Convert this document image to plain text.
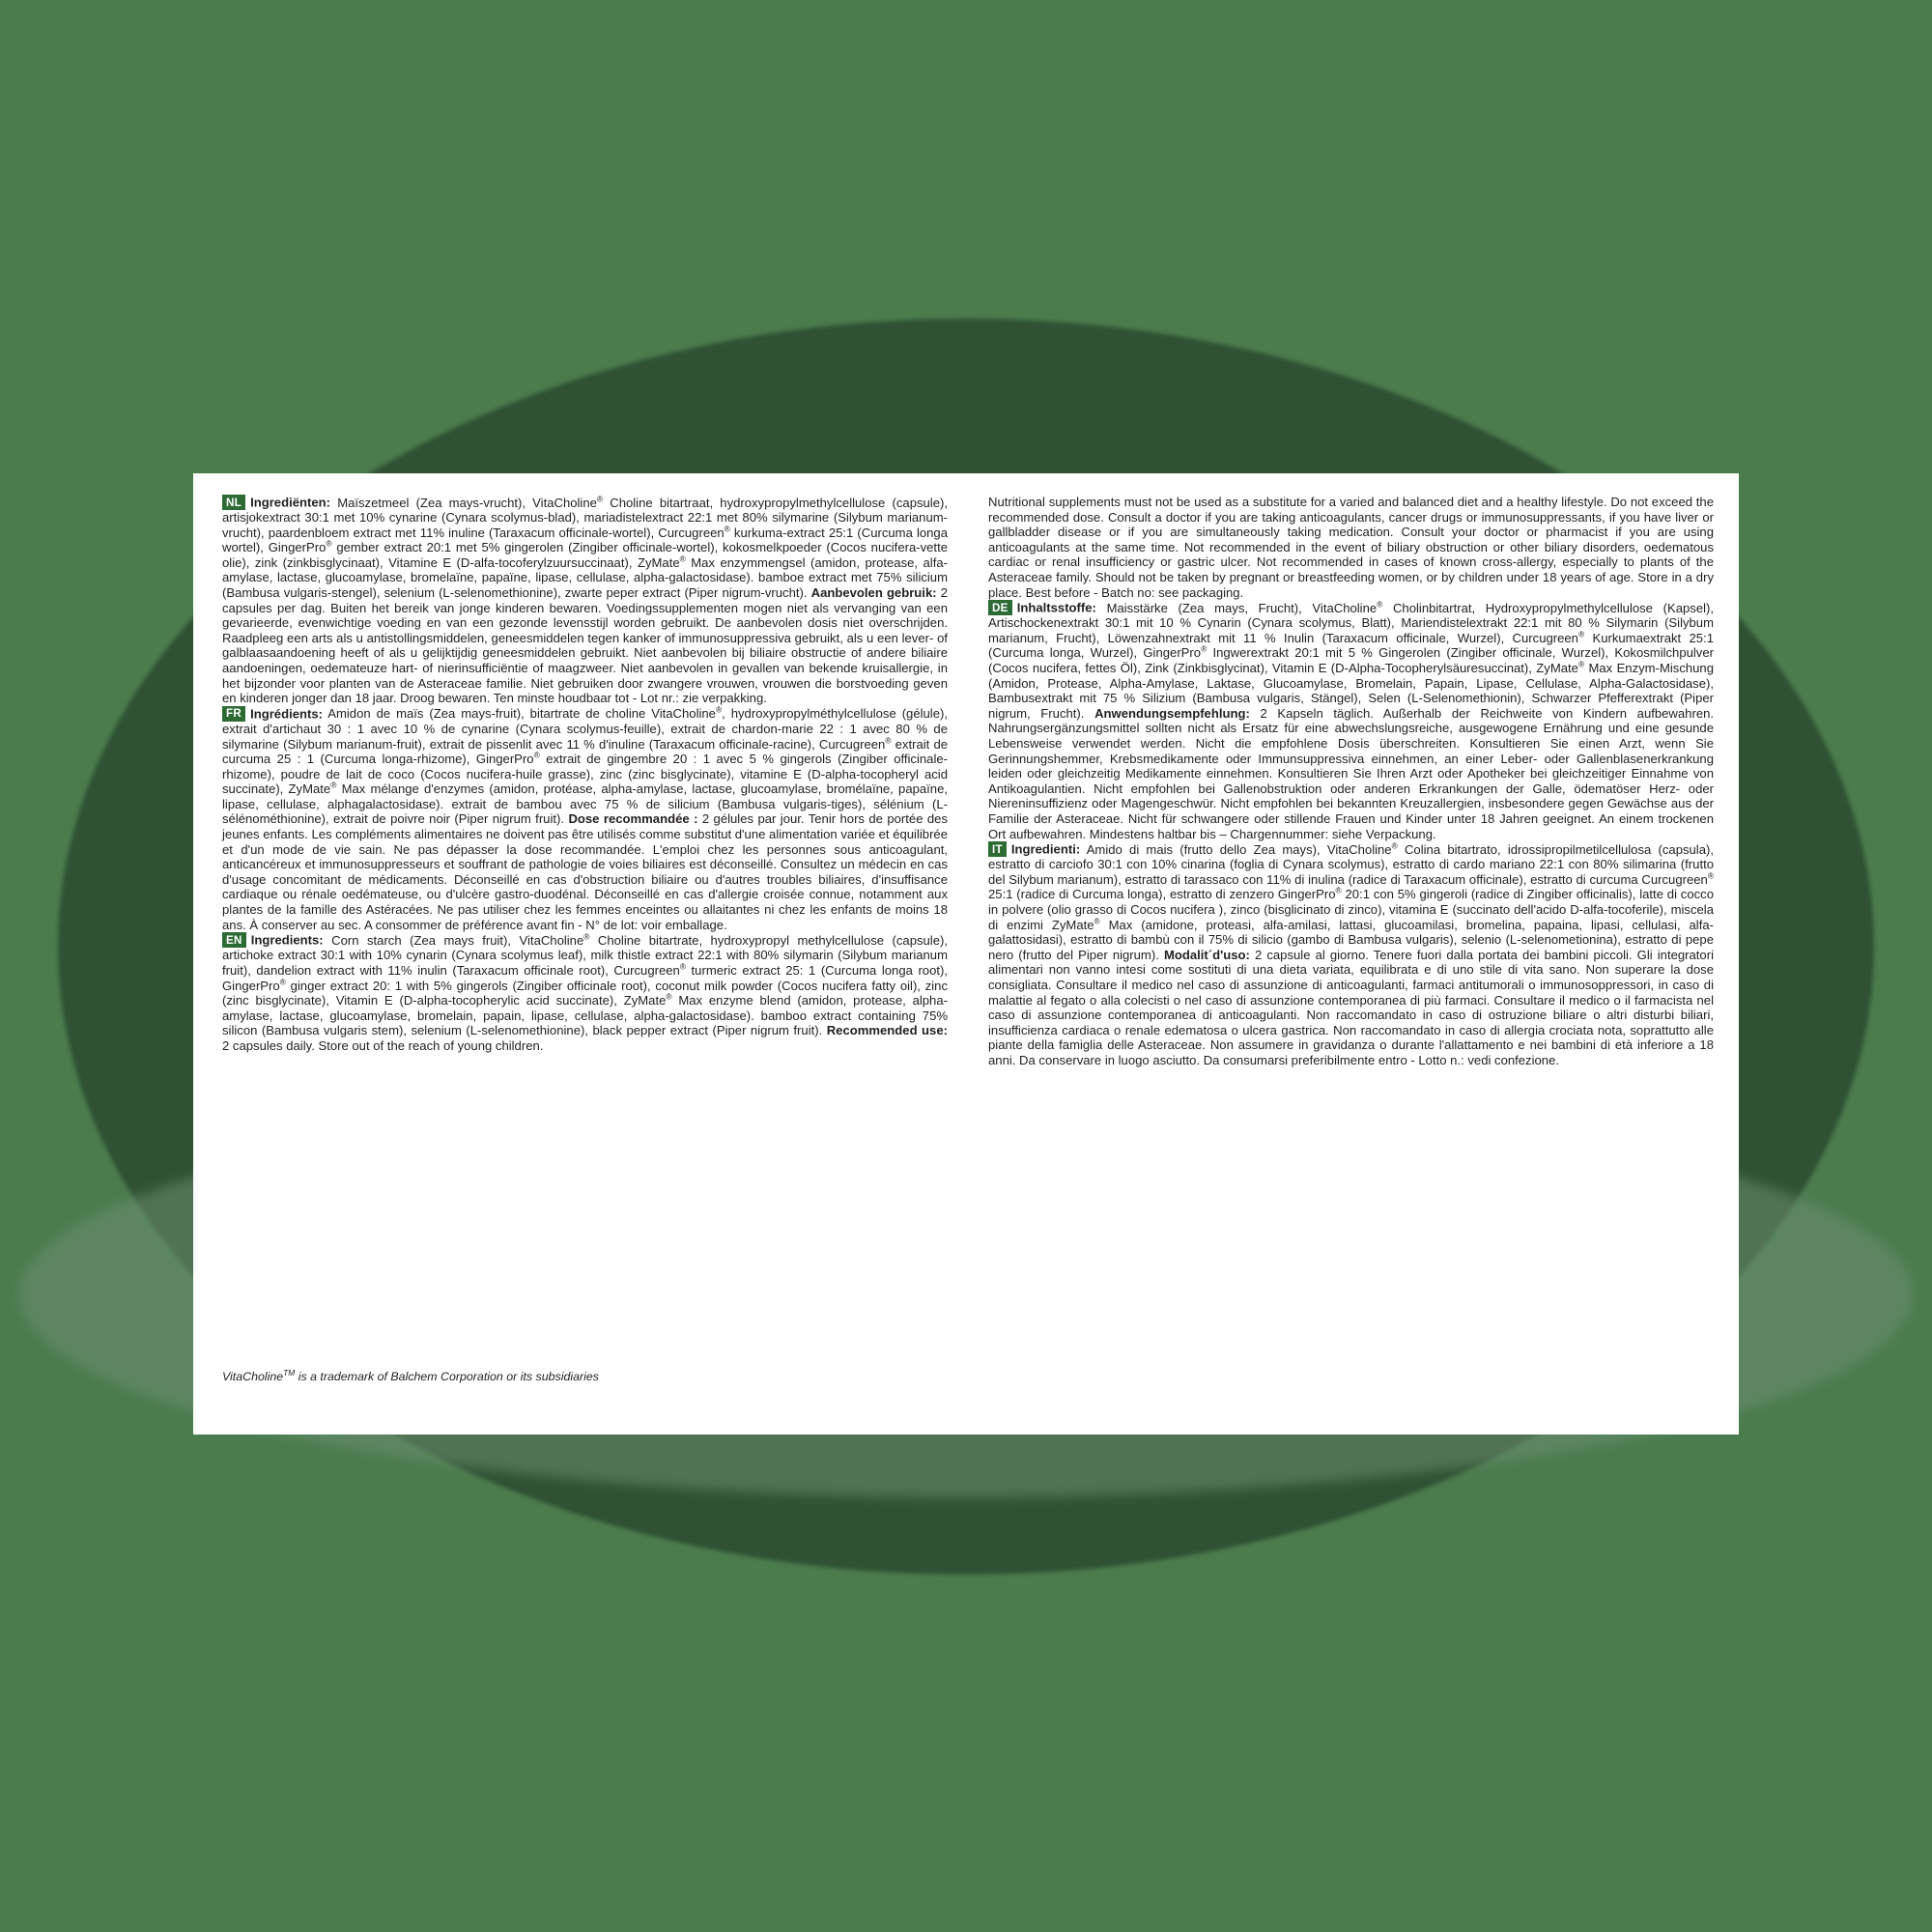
NL Ingrediënten: Maïszetmeel (Zea mays-vrucht), VitaCholine® Choline bitartraat, hydroxypropylmethylcellulose (capsule), artisjokextract 30:1 met 10% cynarine (Cynara scolymus-blad), mariadistelextract 22:1 met 80% silymarine (Silybum marianum-vrucht), paardenbloem extract met 11% inuline (Taraxacum officinale-wortel), Curcugreen® kurkuma-extract 25:1 (Curcuma longa wortel), GingerPro® gember extract 20:1 met 5% gingerolen (Zingiber officinale-wortel), kokosmelkpoeder (Cocos nucifera-vette olie), zink (zinkbisglycinaat), Vitamine E (D-alfa-tocoferylzuursuccinaat), ZyMate® Max enzymmengsel (amidon, protease, alfa-amylase, lactase, glucoamylase, bromelaïne, papaïne, lipase, cellulase, alpha-galactosidase). bamboe extract met 75% silicium (Bambusa vulgaris-stengel), selenium (L-selenomethionine), zwarte peper extract (Piper nigrum-vrucht). Aanbevolen gebruik: 2 capsules per dag. Buiten het bereik van jonge kinderen bewaren. Voedingssupplementen mogen niet als vervanging van een gevarieerde, evenwichtige voeding en van een gezonde levensstijl worden gebruikt. De aanbevolen dosis niet overschrijden. Raadpleeg een arts als u antistollingsmiddelen, geneesmiddelen tegen kanker of immunosuppressiva gebruikt, als u een lever- of galblaasaandoening heeft of als u gelijktijdig geneesmiddelen gebruikt. Niet aanbevolen bij biliaire obstructie of andere biliaire aandoeningen, oedemateuze hart- of nierinsufficiëntie of maagzweer. Niet aanbevolen in gevallen van bekende kruisallergie, in het bijzonder voor planten van de Asteraceae familie. Niet gebruiken door zwangere vrouwen, vrouwen die borstvoeding geven en kinderen jonger dan 18 jaar. Droog bewaren. Ten minste houdbaar tot - Lot nr.: zie verpakking.

FR Ingrédients: Amidon de maïs (Zea mays-fruit), bitartrate de choline VitaCholine®, hydroxypropylméthylcellulose (gélule), extrait d'artichaut 30 : 1 avec 10 % de cynarine (Cynara scolymus-feuille), extrait de chardon-marie 22 : 1 avec 80 % de silymarine (Silybum marianum-fruit), extrait de pissenlit avec 11 % d'inuline (Taraxacum officinale-racine), Curcugreen® extrait de curcuma 25 : 1 (Curcuma longa-rhizome), GingerPro® extrait de gingembre 20 : 1 avec 5 % gingerols (Zingiber officinale-rhizome), poudre de lait de coco (Cocos nucifera-huile grasse), zinc (zinc bisglycinate), vitamine E (D-alpha-tocopheryl acid succinate), ZyMate® Max mélange d'enzymes (amidon, protéase, alpha-amylase, lactase, glucoamylase, bromélaïne, papaïne, lipase, cellulase, alphagalactosidase). extrait de bambou avec 75 % de silicium (Bambusa vulgaris-tiges), sélénium (L-sélénométhionine), extrait de poivre noir (Piper nigrum fruit). Dose recommandée : 2 gélules par jour. Tenir hors de portée des jeunes enfants. Les compléments alimentaires ne doivent pas être utilisés comme substitut d'une alimentation variée et équilibrée et d'un mode de vie sain. Ne pas dépasser la dose recommandée. L'emploi chez les personnes sous anticoagulant, anticancéreux et immunosuppresseurs et souffrant de pathologie de voies biliaires est déconseillé. Consultez un médecin en cas d'usage concomitant de médicaments. Déconseillé en cas d'obstruction biliaire ou d'autres troubles biliaires, d'insuffisance cardiaque ou rénale oedémateuse, ou d'ulcère gastro-duodénal. Déconseillé en cas d'allergie croisée connue, notamment aux plantes de la famille des Astéracées. Ne pas utiliser chez les femmes enceintes ou allaitantes ni chez les enfants de moins 18 ans. À conserver au sec. A consommer de préférence avant fin - N° de lot: voir emballage.

EN Ingredients: Corn starch (Zea mays fruit), VitaCholine® Choline bitartrate, hydroxypropyl methylcellulose (capsule), artichoke extract 30:1 with 10% cynarin (Cynara scolymus leaf), milk thistle extract 22:1 with 80% silymarin (Silybum marianum fruit), dandelion extract with 11% inulin (Taraxacum officinale root), Curcugreen® turmeric extract 25: 1 (Curcuma longa root), GingerPro® ginger extract 20: 1 with 5% gingerols (Zingiber officinale root), coconut milk powder (Cocos nucifera fatty oil), zinc (zinc bisglycinate), Vitamin E (D-alpha-tocopherylic acid succinate), ZyMate® Max enzyme blend (amidon, protease, alpha-amylase, lactase, glucoamylase, bromelain, papain, lipase, cellulase, alpha-galactosidase). bamboo extract containing 75% silicon (Bambusa vulgaris stem), selenium (L-selenomethionine), black pepper extract (Piper nigrum fruit). Recommended use: 2 capsules daily. Store out of the reach of young children.

Nutritional supplements must not be used as a substitute for a varied and balanced diet and a healthy lifestyle. Do not exceed the recommended dose. Consult a doctor if you are taking anticoagulants, cancer drugs or immunosuppressants, if you have liver or gallbladder disease or if you are simultaneously taking medication. Consult your doctor or pharmacist if you are using anticoagulants at the same time. Not recommended in the event of biliary obstruction or other biliary disorders, oedematous cardiac or renal insufficiency or gastric ulcer. Not recommended in cases of known cross-allergy, especially to plants of the Asteraceae family. Should not be taken by pregnant or breastfeeding women, or by children under 18 years of age. Store in a dry place. Best before - Batch no: see packaging.

DE Inhaltsstoffe: Maisstärke (Zea mays, Frucht), VitaCholine® Cholinbitartrat, Hydroxypropylmethylcellulose (Kapsel), Artischockenextrakt 30:1 mit 10 % Cynarin (Cynara scolymus, Blatt), Mariendistelextrakt 22:1 mit 80 % Silymarin (Silybum marianum, Frucht), Löwenzahnextrakt mit 11 % Inulin (Taraxacum officinale, Wurzel), Curcugreen® Kurkumaextrakt 25:1 (Curcuma longa, Wurzel), GingerPro® Ingwerextrakt 20:1 mit 5 % Gingerolen (Zingiber officinale, Wurzel), Kokosmilchpulver (Cocos nucifera, fettes Öl), Zink (Zinkbisglycinat), Vitamin E (D-Alpha-Tocopherylsäuresuccinat), ZyMate® Max Enzym-Mischung (Amidon, Protease, Alpha-Amylase, Laktase, Glucoamylase, Bromelain, Papain, Lipase, Cellulase, Alpha-Galactosidase), Bambusextrakt mit 75 % Silizium (Bambusa vulgaris, Stängel), Selen (L-Selenomethionin), Schwarzer Pfefferextrakt (Piper nigrum, Frucht). Anwendungsempfehlung: 2 Kapseln täglich. Außerhalb der Reichweite von Kindern aufbewahren. Nahrungsergänzungsmittel sollten nicht als Ersatz für eine abwechslungsreiche, ausgewogene Ernährung und eine gesunde Lebensweise verwendet werden. Nicht die empfohlene Dosis überschreiten. Konsultieren Sie einen Arzt, wenn Sie Gerinnungshemmer, Krebsmedikamente oder Immunsuppressiva einnehmen, an einer Leber- oder Gallenblasenerkrankung leiden oder gleichzeitig Medikamente einnehmen. Konsultieren Sie Ihren Arzt oder Apotheker bei gleichzeitiger Einnahme von Antikoagulantien. Nicht empfohlen bei Gallenobstruktion oder anderen Erkrankungen der Galle, ödematöser Herz- oder Niereninsuffizienz oder Magengeschwür. Nicht empfohlen bei bekannten Kreuzallergien, insbesondere gegen Gewächse aus der Familie der Asteraceae. Nicht für schwangere oder stillende Frauen und Kinder unter 18 Jahren geeignet. An einem trockenen Ort aufbewahren. Mindestens haltbar bis – Chargennummer: siehe Verpackung.

IT Ingredienti: Amido di mais (frutto dello Zea mays), VitaCholine® Colina bitartrato, idrossipropilmetilcellulosa (capsula), estratto di carciofo 30:1 con 10% cinarina (foglia di Cynara scolymus), estratto di cardo mariano 22:1 con 80% silimarina (frutto del Silybum marianum), estratto di tarassaco con 11% di inulina (radice di Taraxacum officinale), estratto di curcuma Curcugreen® 25:1 (radice di Curcuma longa), estratto di zenzero GingerPro® 20:1 con 5% gingeroli (radice di Zingiber officinalis), latte di cocco in polvere (olio grasso di Cocos nucifera ), zinco (bisglicinato di zinco), vitamina E (succinato dell'acido D-alfa-tocoferile), miscela di enzimi ZyMate® Max (amidone, proteasi, alfa-amilasi, lattasi, glucoamilasi, bromelina, papaina, lipasi, cellulasi, alfa-galattosidasi), estratto di bambù con il 75% di silicio (gambo di Bambusa vulgaris), selenio (L-selenometionina), estratto di pepe nero (frutto del Piper nigrum). Modalit´d'uso: 2 capsule al giorno. Tenere fuori dalla portata dei bambini piccoli. Gli integratori alimentari non vanno intesi come sostituti di una dieta variata, equilibrata e di uno stile di vita sano. Non superare la dose consigliata. Consultare il medico nel caso di assunzione di anticoagulanti, farmaci antitumorali o immunosoppressori, in caso di malattie al fegato o alla colecisti o nel caso di assunzione contemporanea di più farmaci. Consultare il medico o il farmacista nel caso di assunzione contemporanea di anticoagulanti. Non raccomandato in caso di ostruzione biliare o altri disturbi biliari, insufficienza cardiaca o renale edematosa o ulcera gastrica. Non raccomandato in caso di allergia crociata nota, soprattutto alle piante della famiglia delle Asteraceae. Non assumere in gravidanza o durante l'allattamento e nei bambini di età inferiore a 18 anni. Da conservare in luogo asciutto. Da consumarsi preferibilmente entro - Lotto n.: vedi confezione.

VitaCholine™ is a trademark of Balchem Corporation or its subsidiaries
